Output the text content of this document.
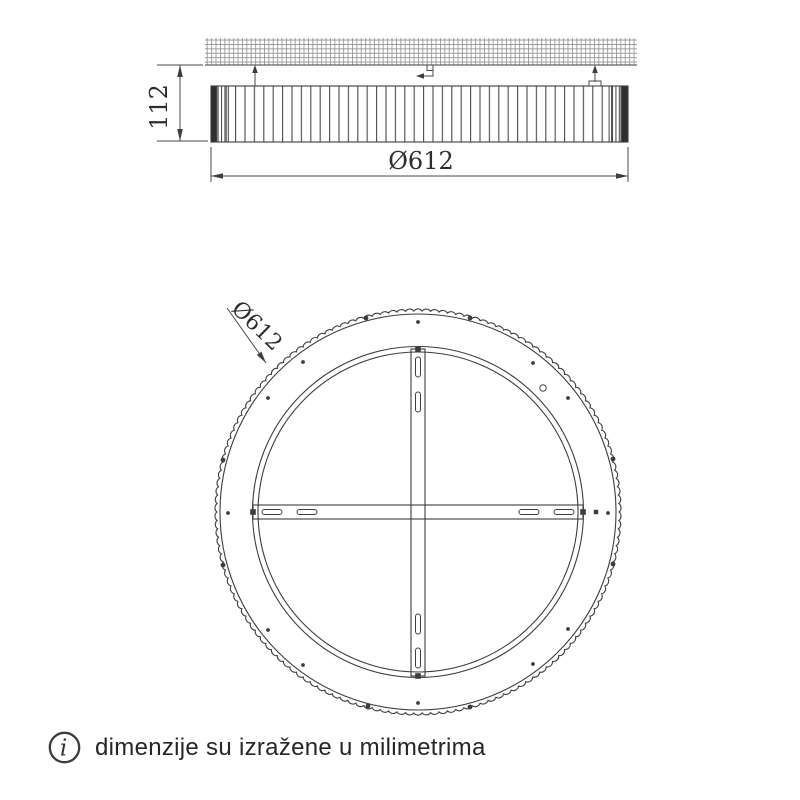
112
Ø612
Ø612
i dimenzije su izražene u milimetrima
